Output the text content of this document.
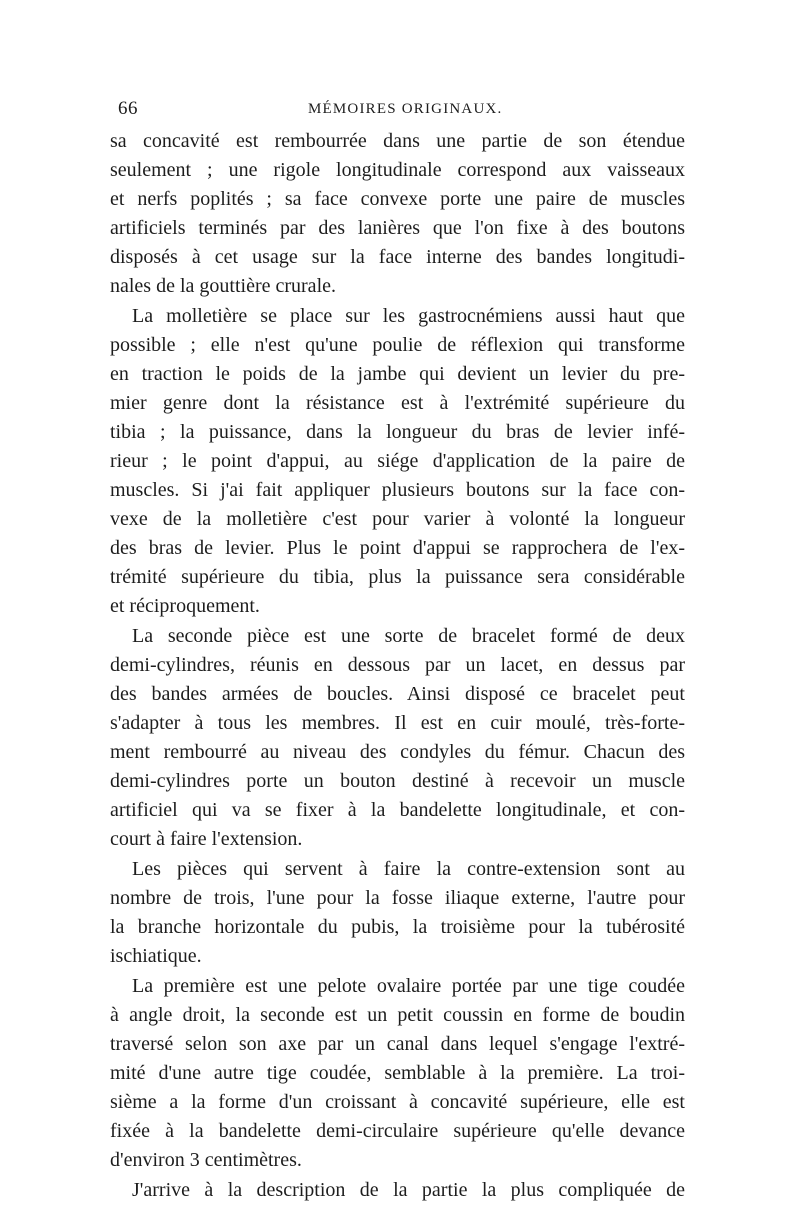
66	MÉMOIRES ORIGINAUX.
sa concavité est rembourrée dans une partie de son étendue
seulement ; une rigole longitudinale correspond aux vaisseaux
et nerfs poplités ; sa face convexe porte une paire de muscles
artificiels terminés par des lanières que l'on fixe à des boutons
disposés à cet usage sur la face interne des bandes longitudi-
nales de la gouttière crurale.
La molletière se place sur les gastrocnémiens aussi haut que
possible ; elle n'est qu'une poulie de réflexion qui transforme
en traction le poids de la jambe qui devient un levier du pre-
mier genre dont la résistance est à l'extrémité supérieure du
tibia ; la puissance, dans la longueur du bras de levier infé-
rieur ; le point d'appui, au siége d'application de la paire de
muscles. Si j'ai fait appliquer plusieurs boutons sur la face con-
vexe de la molletière c'est pour varier à volonté la longueur
des bras de levier. Plus le point d'appui se rapprochera de l'ex-
trémité supérieure du tibia, plus la puissance sera considérable
et réciproquement.
La seconde pièce est une sorte de bracelet formé de deux
demi-cylindres, réunis en dessous par un lacet, en dessus par
des bandes armées de boucles. Ainsi disposé ce bracelet peut
s'adapter à tous les membres. Il est en cuir moulé, très-forte-
ment rembourré au niveau des condyles du fémur. Chacun des
demi-cylindres porte un bouton destiné à recevoir un muscle
artificiel qui va se fixer à la bandelette longitudinale, et con-
court à faire l'extension.
Les pièces qui servent à faire la contre-extension sont au
nombre de trois, l'une pour la fosse iliaque externe, l'autre pour
la branche horizontale du pubis, la troisième pour la tubérosité
ischiatique.
La première est une pelote ovalaire portée par une tige coudée
à angle droit, la seconde est un petit coussin en forme de boudin
traversé selon son axe par un canal dans lequel s'engage l'extré-
mité d'une autre tige coudée, semblable à la première. La troi-
sième a la forme d'un croissant à concavité supérieure, elle est
fixée à la bandelette demi-circulaire supérieure qu'elle devance
d'environ 3 centimètres.
J'arrive à la description de la partie la plus compliquée de
